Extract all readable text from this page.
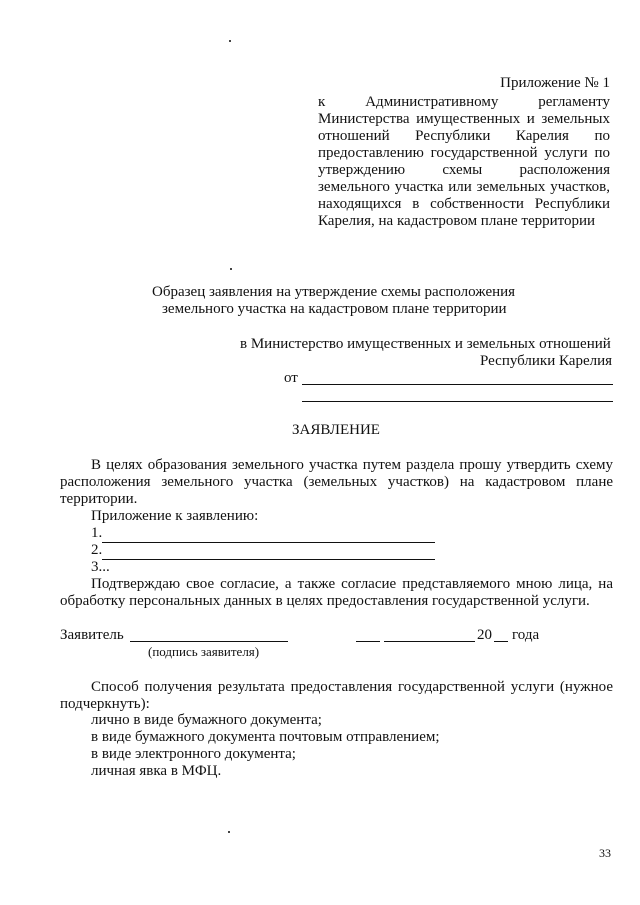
Приложение № 1
к Административному регламенту Министерства имущественных и земельных отношений Республики Карелия по предоставлению государственной услуги по утверждению схемы расположения земельного участка или земельных участков, находящихся в собственности Республики Карелия, на кадастровом плане территории
Образец заявления на утверждение схемы расположения
земельного участка на кадастровом плане территории
в Министерство имущественных и земельных отношений
Республики Карелия
от
ЗАЯВЛЕНИЕ
В целях образования земельного участка путем раздела прошу утвердить схему расположения земельного участка (земельных участков) на кадастровом плане территории.
Приложение к заявлению:
1.
2.
3...
Подтверждаю свое согласие, а также согласие представляемого мною лица, на обработку персональных данных в целях предоставления государственной услуги.
Заявитель
(подпись заявителя)
20 года
Способ получения результата предоставления государственной услуги (нужное подчеркнуть):
лично в виде бумажного документа;
в виде бумажного документа почтовым отправлением;
в виде электронного документа;
личная явка в МФЦ.
33
